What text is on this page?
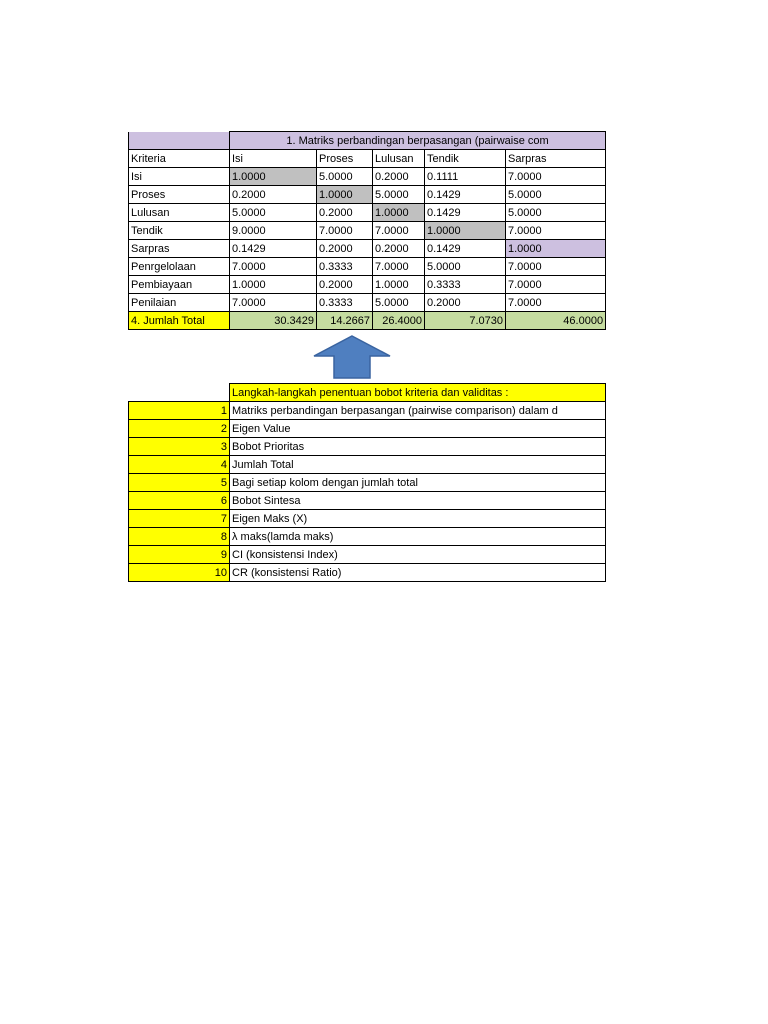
	1. Matriks perbandingan berpasangan (pairwaise com				
Kriteria	Isi	Proses	Lulusan	Tendik	Sarpras
Isi	1.0000	5.0000	0.2000	0.1111	7.0000
Proses	0.2000	1.0000	5.0000	0.1429	5.0000
Lulusan	5.0000	0.2000	1.0000	0.1429	5.0000
Tendik	9.0000	7.0000	7.0000	1.0000	7.0000
Sarpras	0.1429	0.2000	0.2000	0.1429	1.0000
Penrgelolaan	7.0000	0.3333	7.0000	5.0000	7.0000
Pembiayaan	1.0000	0.2000	1.0000	0.3333	7.0000
Penilaian	7.0000	0.3333	5.0000	0.2000	7.0000
4. Jumlah Total	30.3429	14.2667	26.4000	7.0730	46.0000
	Langkah-langkah penentuan bobot kriteria dan validitas :
1	Matriks perbandingan berpasangan (pairwise comparison) dalam d
2	Eigen Value
3	Bobot Prioritas
4	Jumlah Total
5	Bagi setiap kolom dengan jumlah total
6	Bobot Sintesa
7	Eigen Maks (X)
8	λ maks(lamda maks)
9	CI (konsistensi Index)
10	CR (konsistensi Ratio)
